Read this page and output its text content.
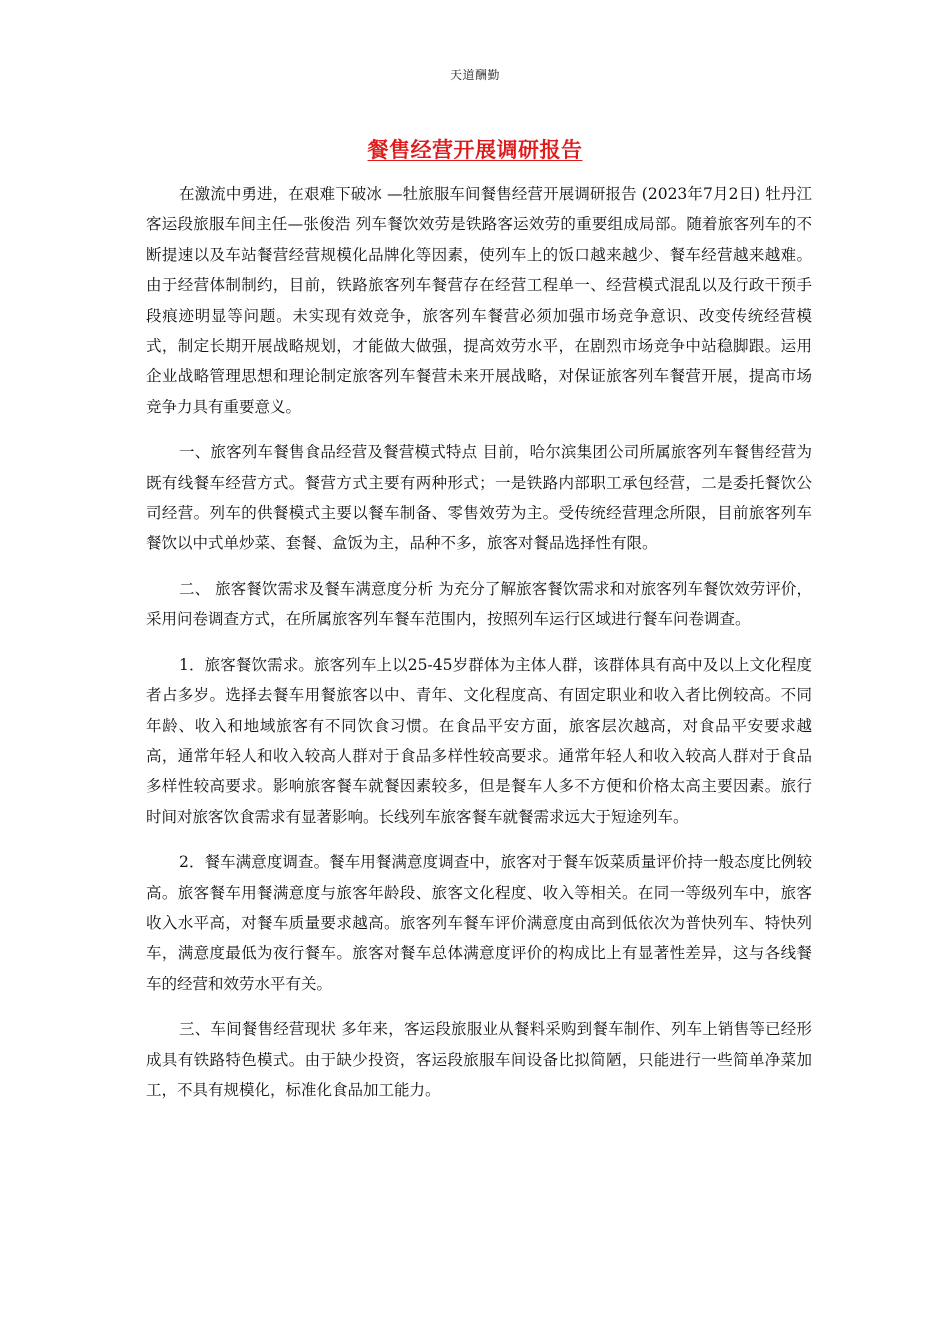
天道酬勤
餐售经营开展调研报告

在激流中勇进，在艰难下破冰 —牡旅服车间餐售经营开展调研报告 (2023年7月2日) 牡丹江客运段旅服车间主任—张俊浩 列车餐饮效劳是铁路客运效劳的重要组成局部。随着旅客列车的不断提速以及车站餐营经营规模化品牌化等因素，使列车上的饭口越来越少、餐车经营越来越难。由于经营体制制约，目前，铁路旅客列车餐营存在经营工程单一、经营模式混乱以及行政干预手段痕迹明显等问题。未实现有效竞争，旅客列车餐营必须加强市场竞争意识、改变传统经营模式，制定长期开展战略规划，才能做大做强，提高效劳水平，在剧烈市场竞争中站稳脚跟。运用企业战略管理思想和理论制定旅客列车餐营未来开展战略，对保证旅客列车餐营开展，提高市场竞争力具有重要意义。

一、旅客列车餐售食品经营及餐营模式特点 目前，哈尔滨集团公司所属旅客列车餐售经营为既有线餐车经营方式。餐营方式主要有两种形式；一是铁路内部职工承包经营，二是委托餐饮公司经营。列车的供餐模式主要以餐车制备、零售效劳为主。受传统经营理念所限，目前旅客列车餐饮以中式单炒菜、套餐、盒饭为主，品种不多，旅客对餐品选择性有限。

二、 旅客餐饮需求及餐车满意度分析 为充分了解旅客餐饮需求和对旅客列车餐饮效劳评价，采用问卷调查方式，在所属旅客列车餐车范围内，按照列车运行区域进行餐车问卷调查。

1．旅客餐饮需求。旅客列车上以25-45岁群体为主体人群，该群体具有高中及以上文化程度者占多岁。选择去餐车用餐旅客以中、青年、文化程度高、有固定职业和收入者比例较高。不同年龄、收入和地域旅客有不同饮食习惯。在食品平安方面，旅客层次越高，对食品平安要求越高，通常年轻人和收入较高人群对于食品多样性较高要求。通常年轻人和收入较高人群对于食品多样性较高要求。影响旅客餐车就餐因素较多，但是餐车人多不方便和价格太高主要因素。旅行时间对旅客饮食需求有显著影响。长线列车旅客餐车就餐需求远大于短途列车。

2．餐车满意度调查。餐车用餐满意度调查中，旅客对于餐车饭菜质量评价持一般态度比例较高。旅客餐车用餐满意度与旅客年龄段、旅客文化程度、收入等相关。在同一等级列车中，旅客收入水平高，对餐车质量要求越高。旅客列车餐车评价满意度由高到低依次为普快列车、特快列车，满意度最低为夜行餐车。旅客对餐车总体满意度评价的构成比上有显著性差异，这与各线餐车的经营和效劳水平有关。

三、车间餐售经营现状 多年来，客运段旅服业从餐料采购到餐车制作、列车上销售等已经形成具有铁路特色模式。由于缺少投资，客运段旅服车间设备比拟简陋，只能进行一些简单净菜加工，不具有规模化，标准化食品加工能力。
